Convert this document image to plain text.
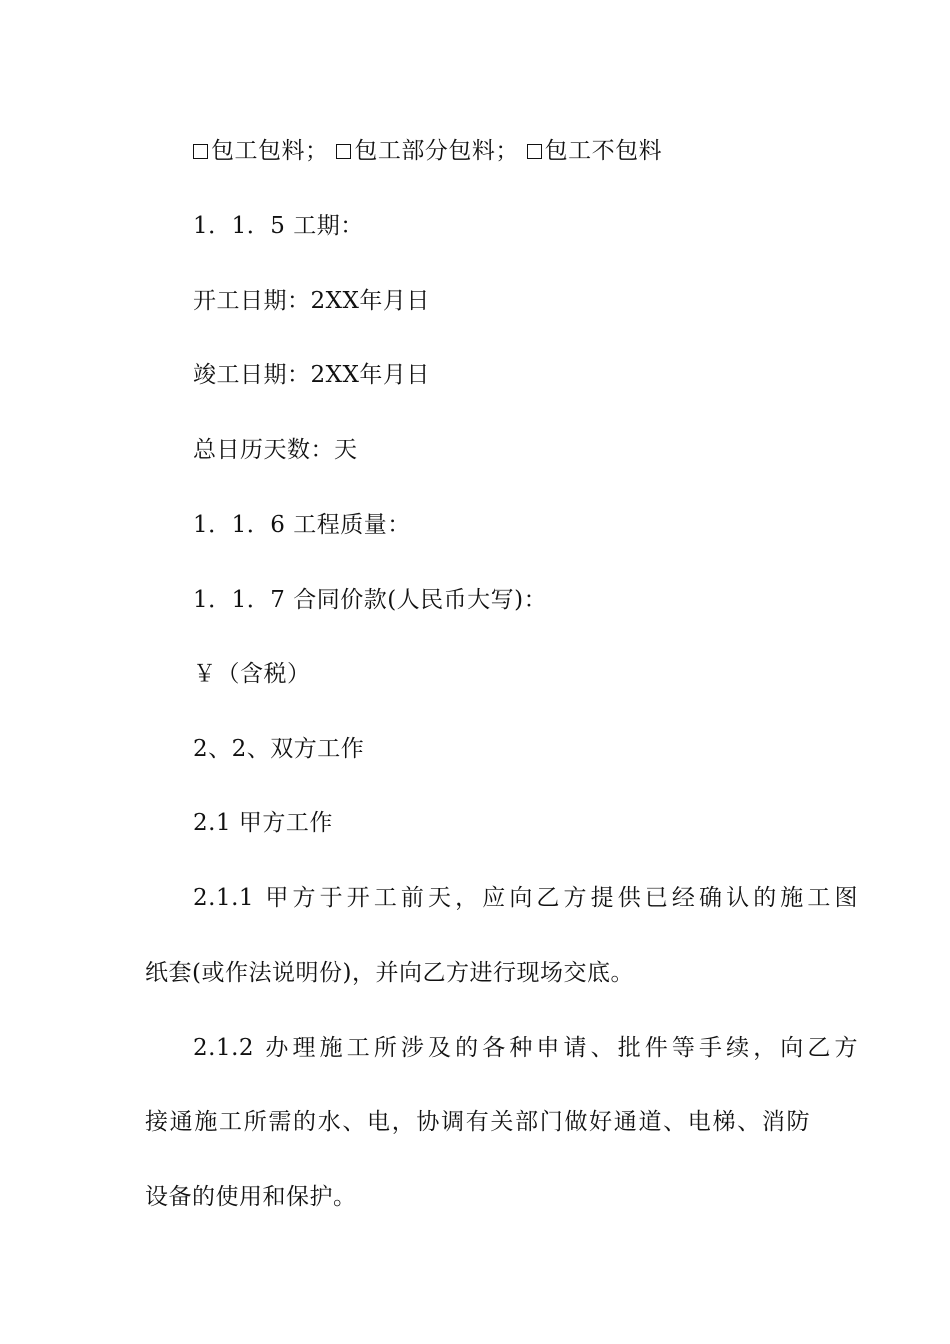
包工包料； 包工部分包料； 包工不包料
1．1．5 工期：
开工日期：2XX年月日
竣工日期：2XX年月日
总日历天数：天
1．1．6 工程质量：
1．1．7 合同价款(人民币大写)：
￥（含税）
2、2、双方工作
2.1 甲方工作
2.1.1 甲方于开工前天，应向乙方提供已经确认的施工图
纸套(或作法说明份)，并向乙方进行现场交底。
2.1.2 办理施工所涉及的各种申请、批件等手续，向乙方
接通施工所需的水、电，协调有关部门做好通道、电梯、消防
设备的使用和保护。
